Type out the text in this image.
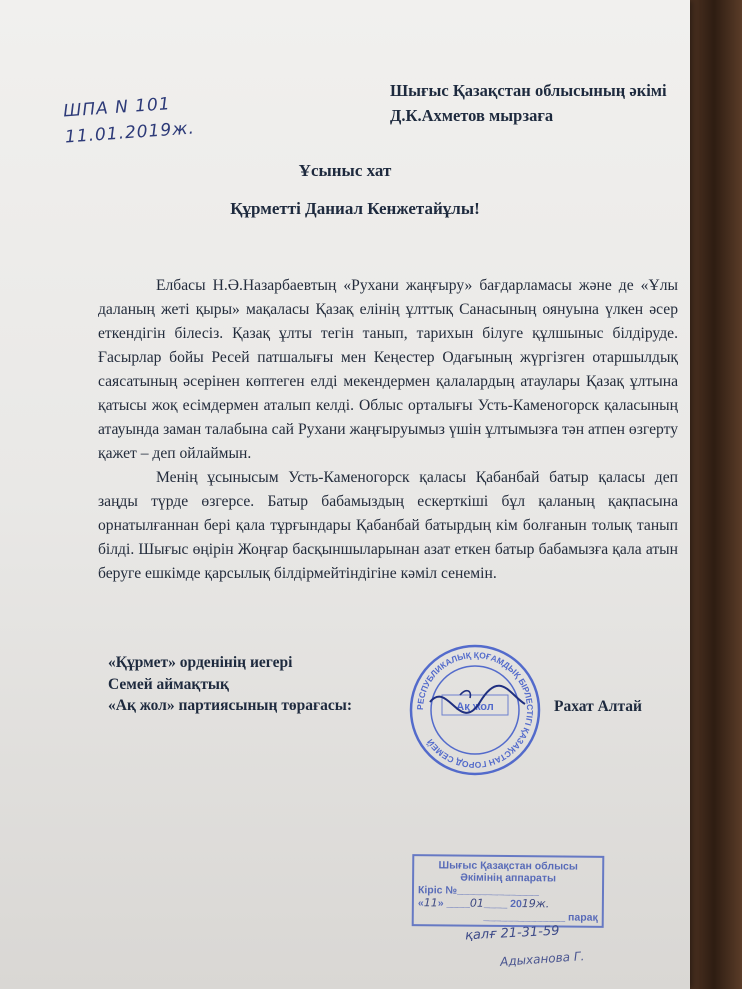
Шығыс Қазақстан облысының әкімі
Д.К.Ахметов мырзаға
ШПА N 101
11.01.2019ж.
Ұсыныс хат
Құрметті Даниал Кенжетайұлы!

Елбасы Н.Ә.Назарбаевтың «Рухани жаңғыру» бағдарламасы және де «Ұлы даланың жеті қыры» мақаласы Қазақ елінің ұлттық Санасының оянуына үлкен әсер еткендігін білесіз. Қазақ ұлты тегін танып, тарихын білуге құлшыныс білдіруде. Ғасырлар бойы Ресей патшалығы мен Кеңестер Одағының жүргізген отаршылдық саясатының әсерінен көптеген елді мекендермен қалалардың атаулары Қазақ ұлтына қатысы жоқ есімдермен аталып келді. Облыс орталығы Усть-Каменогорск қаласының атауында заман талабына сай Рухани жаңғыруымыз үшін ұлтымызға тән атпен өзгерту қажет – деп ойлаймын.

Менің ұсынысым Усть-Каменогорск қаласы Қабанбай батыр қаласы деп заңды түрде өзгерсе. Батыр бабамыздың ескерткіші бұл қаланың қақпасына орнатылғаннан бері қала тұрғындары Қабанбай батырдың кім болғанын толық танып білді. Шығыс өңірін Жоңғар басқыншыларынан азат еткен батыр бабамызға қала атын беруге ешкімде қарсылық білдірмейтіндігіне кәміл сенемін.

«Құрмет» орденінің иегері
Семей аймақтық
«Ақ жол» партиясының төрағасы:	РЕСПУБЛИКАЛЫҚ ҚОҒАМДЫҚ БІРЛЕСТІГІ ҚАЗАҚСТАН ГОРОД СЕМЕЙ
Ақ жол	Рахат Алтай
Шығыс Қазақстан облысы
Әкімінің аппараты
Кіріс №______________
«11» ____01____ 2019ж.
______________ парақ
қалғ 21-31-59
Адыханова Г.
